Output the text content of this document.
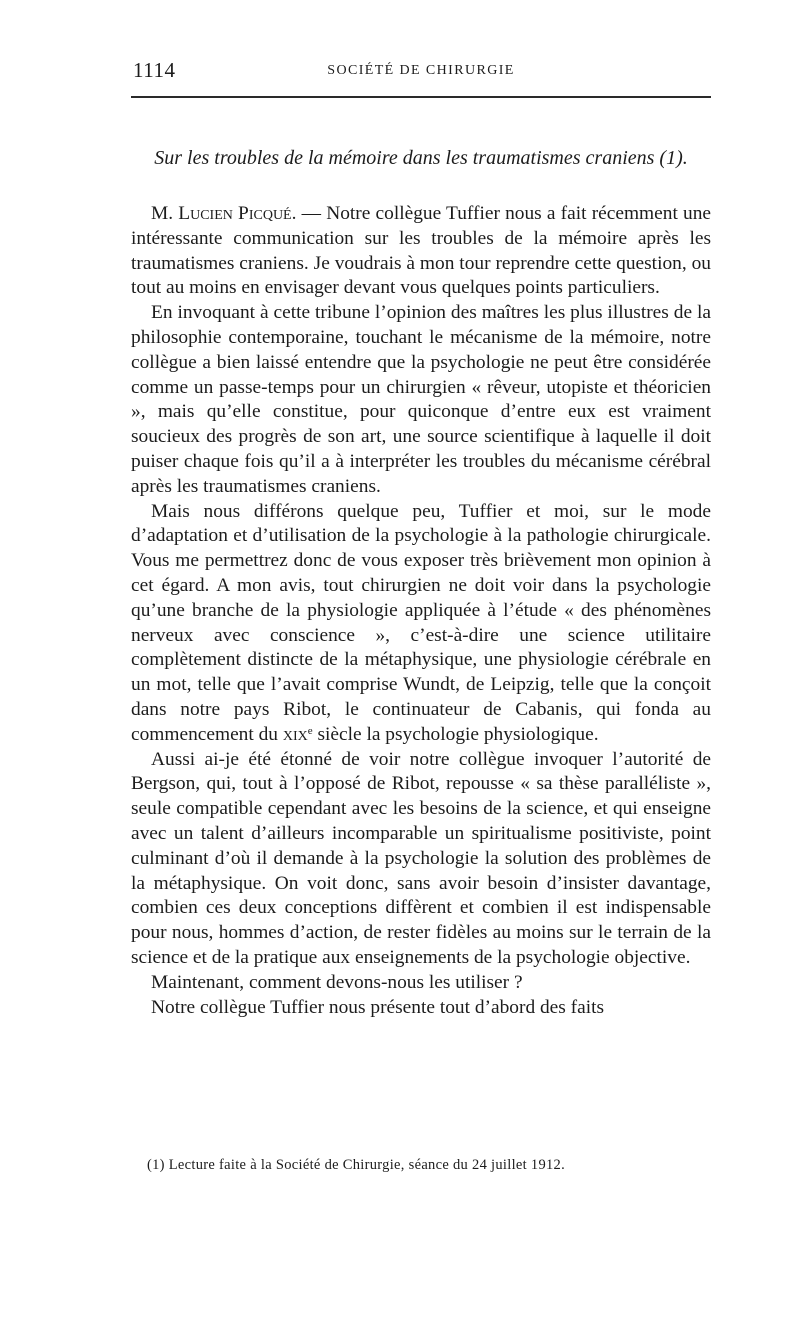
1114	SOCIÉTÉ DE CHIRURGIE
Sur les troubles de la mémoire dans les traumatismes craniens (1).

M. Lucien Picqué. — Notre collègue Tuffier nous a fait récemment une intéressante communication sur les troubles de la mémoire après les traumatismes craniens. Je voudrais à mon tour reprendre cette question, ou tout au moins en envisager devant vous quelques points particuliers.

En invoquant à cette tribune l’opinion des maîtres les plus illustres de la philosophie contemporaine, touchant le mécanisme de la mémoire, notre collègue a bien laissé entendre que la psychologie ne peut être considérée comme un passe-temps pour un chirurgien « rêveur, utopiste et théoricien », mais qu’elle constitue, pour quiconque d’entre eux est vraiment soucieux des progrès de son art, une source scientifique à laquelle il doit puiser chaque fois qu’il a à interpréter les troubles du mécanisme cérébral après les traumatismes craniens.

Mais nous différons quelque peu, Tuffier et moi, sur le mode d’adaptation et d’utilisation de la psychologie à la pathologie chirurgicale. Vous me permettrez donc de vous exposer très brièvement mon opinion à cet égard. A mon avis, tout chirurgien ne doit voir dans la psychologie qu’une branche de la physiologie appliquée à l’étude « des phénomènes nerveux avec conscience », c’est-à-dire une science utilitaire complètement distincte de la métaphysique, une physiologie cérébrale en un mot, telle que l’avait comprise Wundt, de Leipzig, telle que la conçoit dans notre pays Ribot, le continuateur de Cabanis, qui fonda au commencement du xix$^e$ siècle la psychologie physiologique.

Aussi ai-je été étonné de voir notre collègue invoquer l’autorité de Bergson, qui, tout à l’opposé de Ribot, repousse « sa thèse paralléliste », seule compatible cependant avec les besoins de la science, et qui enseigne avec un talent d’ailleurs incomparable un spiritualisme positiviste, point culminant d’où il demande à la psychologie la solution des problèmes de la métaphysique. On voit donc, sans avoir besoin d’insister davantage, combien ces deux conceptions diffèrent et combien il est indispensable pour nous, hommes d’action, de rester fidèles au moins sur le terrain de la science et de la pratique aux enseignements de la psychologie objective.

Maintenant, comment devons-nous les utiliser ?

Notre collègue Tuffier nous présente tout d’abord des faits

(1) Lecture faite à la Société de Chirurgie, séance du 24 juillet 1912.
